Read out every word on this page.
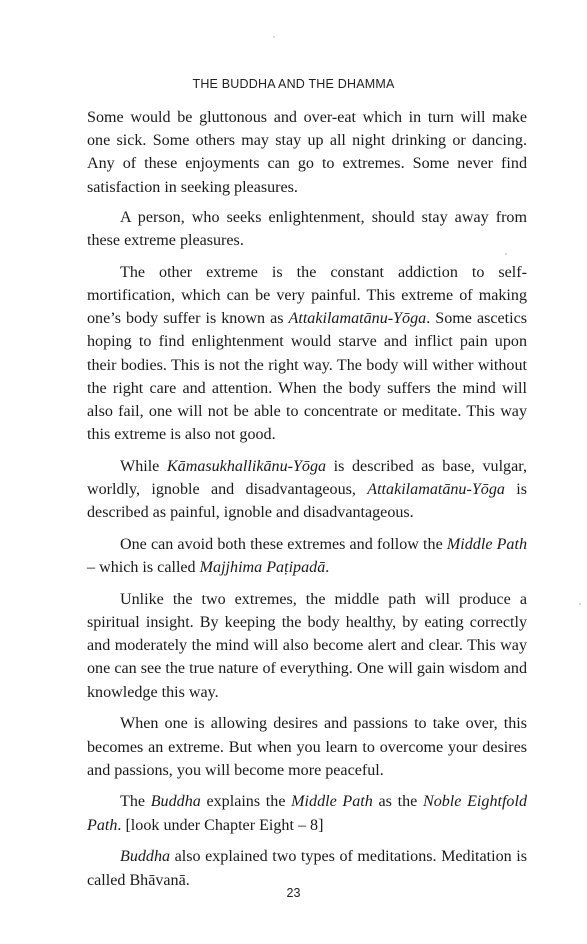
THE BUDDHA AND THE DHAMMA

Some would be gluttonous and over-eat which in turn will make one sick. Some others may stay up all night drinking or dancing. Any of these enjoyments can go to extremes. Some never find satisfaction in seeking pleasures.

A person, who seeks enlightenment, should stay away from these extreme pleasures.

The other extreme is the constant addiction to self-mortification, which can be very painful. This extreme of making one’s body suffer is known as Attakilamatānu-Yōga. Some ascetics hoping to find enlightenment would starve and inflict pain upon their bodies. This is not the right way. The body will wither without the right care and attention. When the body suffers the mind will also fail, one will not be able to concentrate or meditate. This way this extreme is also not good.

While Kāmasukhallikānu-Yōga is described as base, vulgar, worldly, ignoble and disadvantageous, Attakilamatānu-Yōga is described as painful, ignoble and disadvantageous.

One can avoid both these extremes and follow the Middle Path – which is called Majjhima Paṭipadā.

Unlike the two extremes, the middle path will produce a spiritual insight. By keeping the body healthy, by eating correctly and moderately the mind will also become alert and clear. This way one can see the true nature of everything. One will gain wisdom and knowledge this way.

When one is allowing desires and passions to take over, this becomes an extreme. But when you learn to overcome your desires and passions, you will become more peaceful.

The Buddha explains the Middle Path as the Noble Eightfold Path. [look under Chapter Eight – 8]

Buddha also explained two types of meditations. Meditation is called Bhāvanā.

23
